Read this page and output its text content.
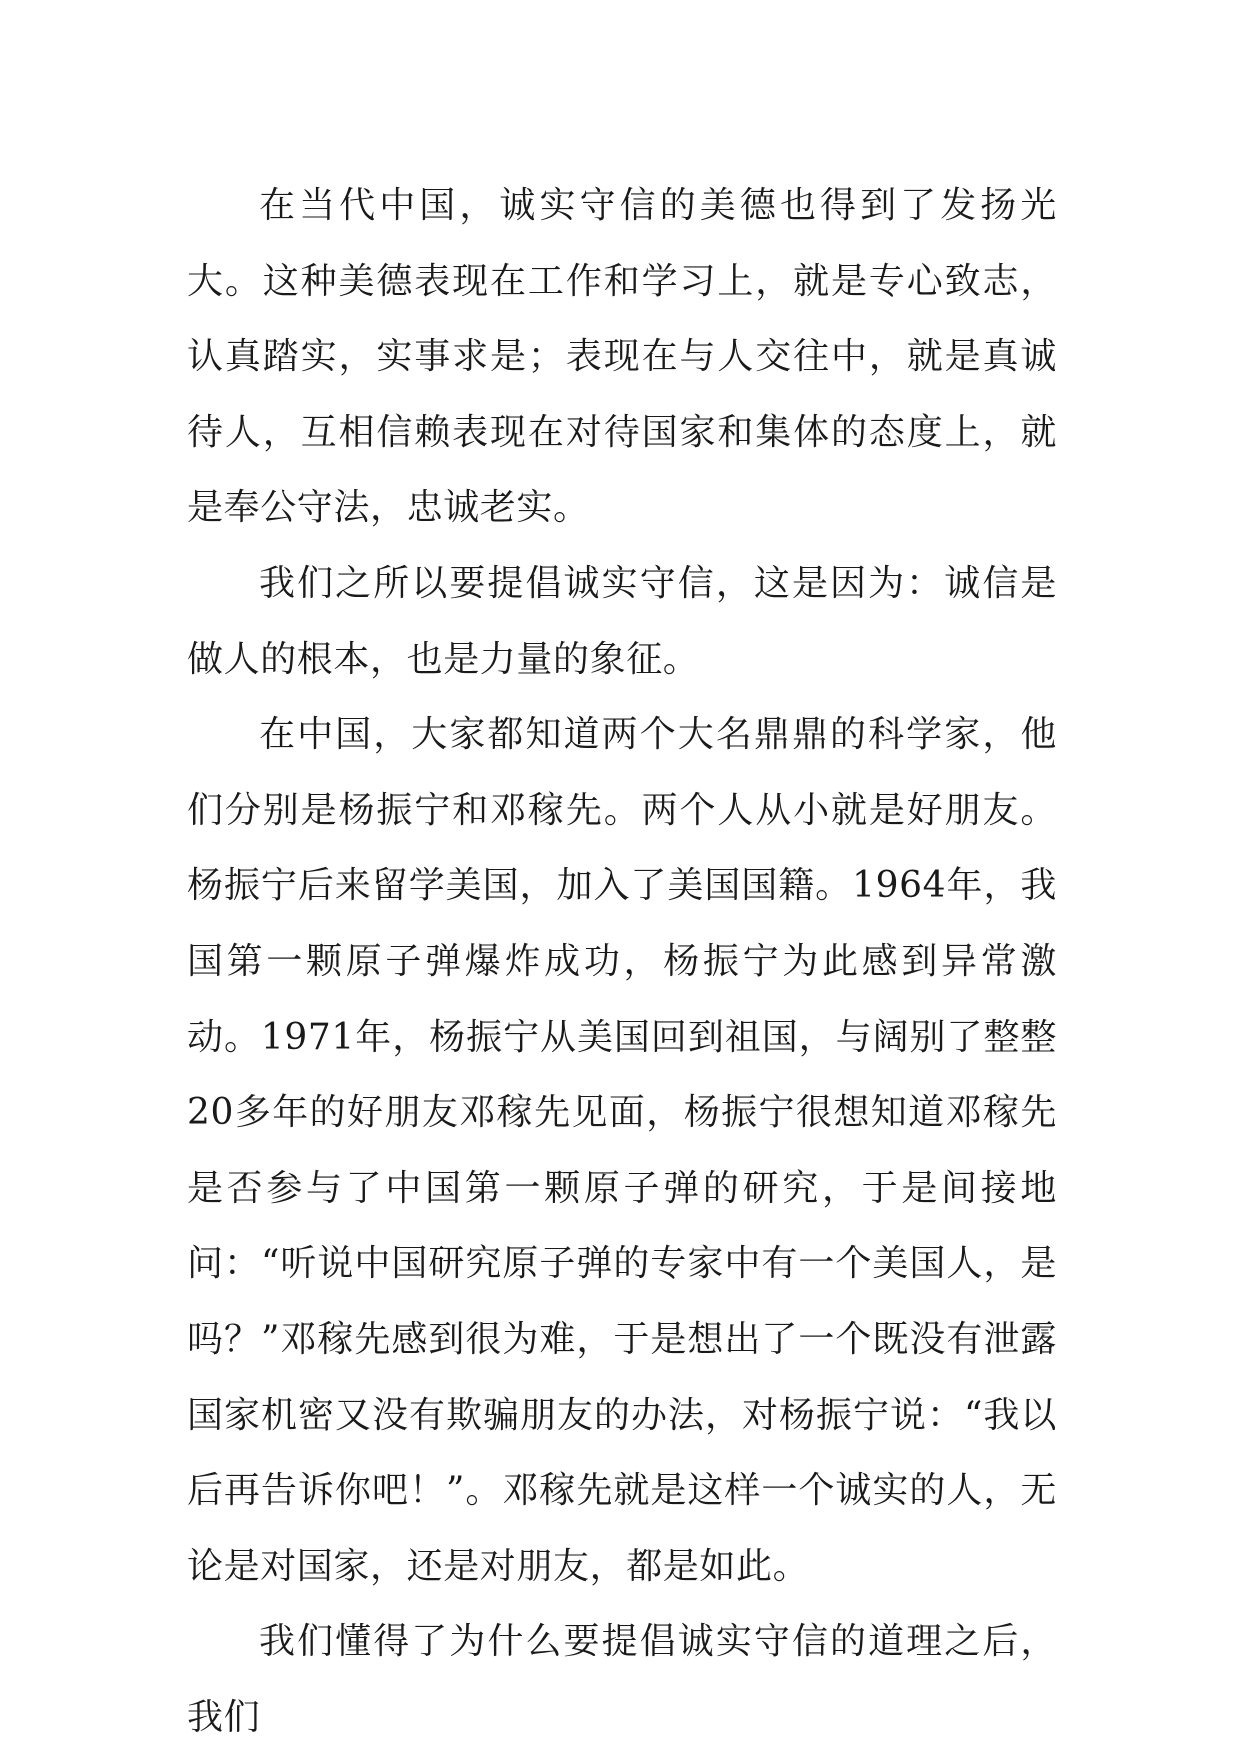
在当代中国，诚实守信的美德也得到了发扬光大。这种美德表现在工作和学习上，就是专心致志，认真踏实，实事求是；表现在与人交往中，就是真诚待人，互相信赖表现在对待国家和集体的态度上，就是奉公守法，忠诚老实。

我们之所以要提倡诚实守信，这是因为：诚信是做人的根本，也是力量的象征。

在中国，大家都知道两个大名鼎鼎的科学家，他们分别是杨振宁和邓稼先。两个人从小就是好朋友。杨振宁后来留学美国，加入了美国国籍。1964年，我国第一颗原子弹爆炸成功，杨振宁为此感到异常激动。1971年，杨振宁从美国回到祖国，与阔别了整整20多年的好朋友邓稼先见面，杨振宁很想知道邓稼先是否参与了中国第一颗原子弹的研究，于是间接地问：“听说中国研究原子弹的专家中有一个美国人，是吗？”邓稼先感到很为难，于是想出了一个既没有泄露国家机密又没有欺骗朋友的办法，对杨振宁说：“我以后再告诉你吧！”。邓稼先就是这样一个诚实的人，无论是对国家，还是对朋友，都是如此。

我们懂得了为什么要提倡诚实守信的道理之后，我们
